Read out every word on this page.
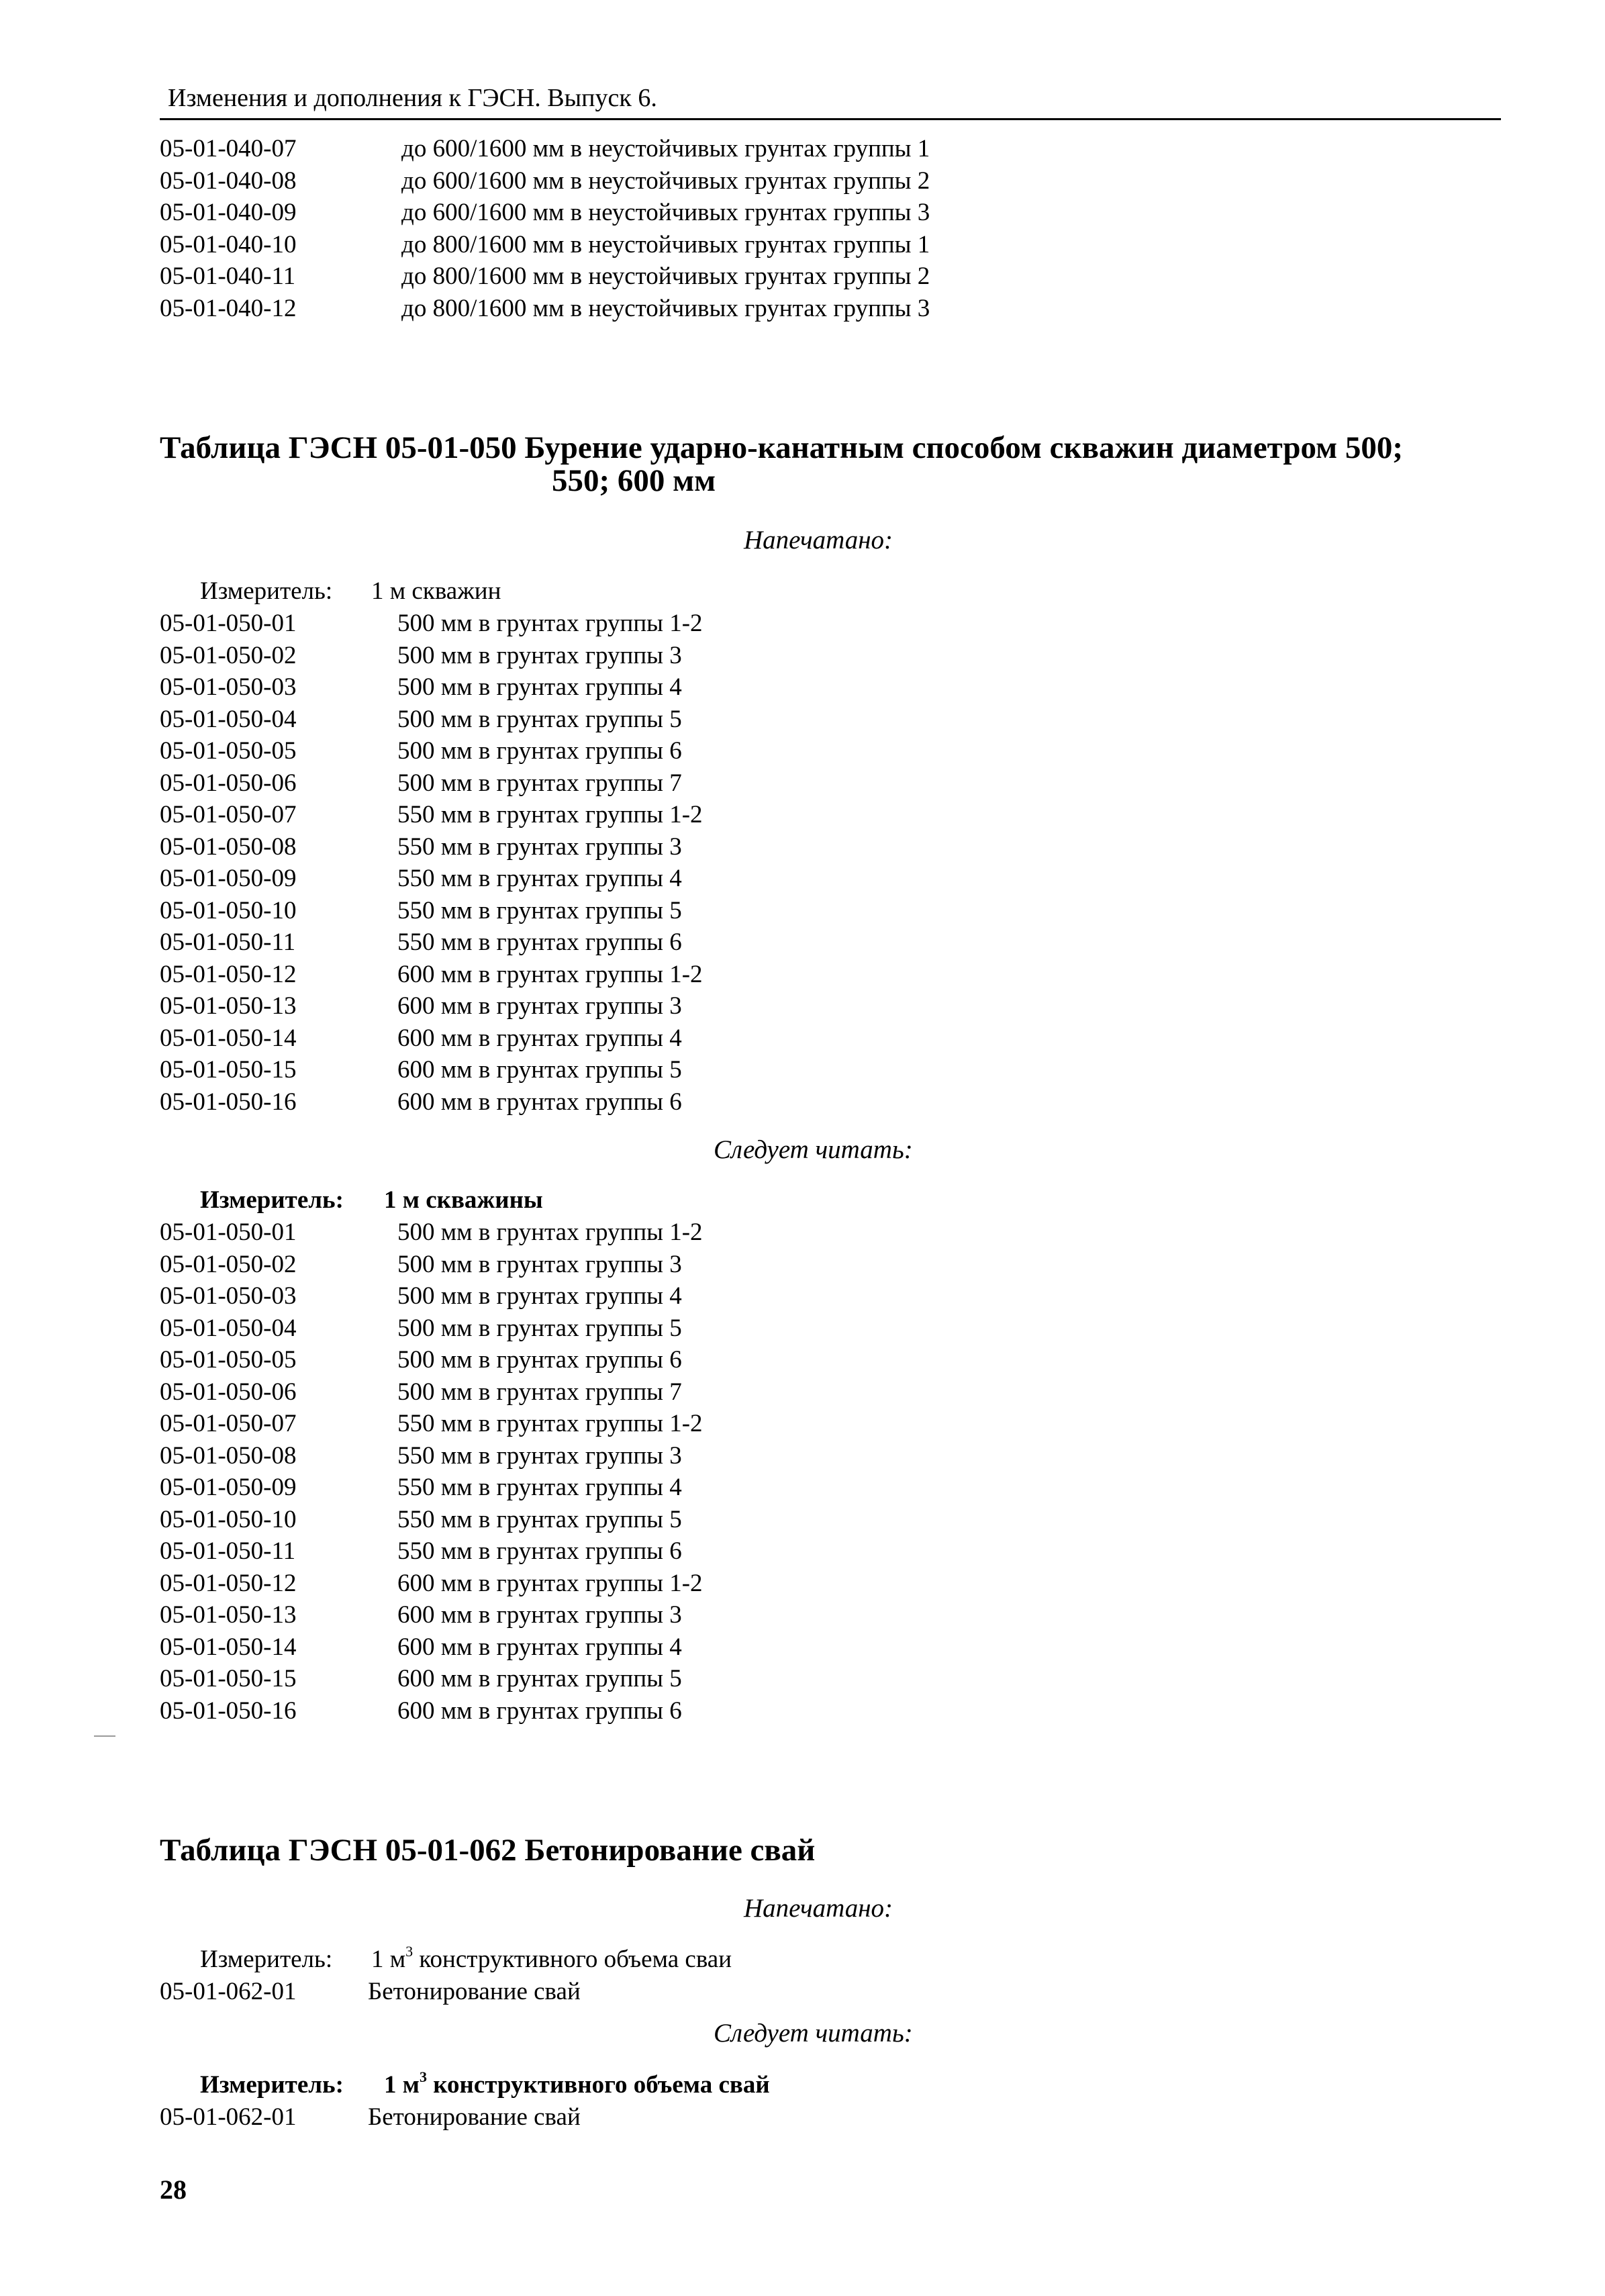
Изменения и дополнения к ГЭСН. Выпуск 6.
05-01-040-07	до 600/1600 мм в неустойчивых грунтах группы 1
05-01-040-08	до 600/1600 мм в неустойчивых грунтах группы 2
05-01-040-09	до 600/1600 мм в неустойчивых грунтах группы 3
05-01-040-10	до 800/1600 мм в неустойчивых грунтах группы 1
05-01-040-11	до 800/1600 мм в неустойчивых грунтах группы 2
05-01-040-12	до 800/1600 мм в неустойчивых грунтах группы 3
Таблица ГЭСН 05-01-050 Бурение ударно-канатным способом скважин диаметром 500;
550; 600 мм
Напечатано:
Измеритель: 1 м скважин
05-01-050-01	500 мм в грунтах группы 1-2
05-01-050-02	500 мм в грунтах группы 3
05-01-050-03	500 мм в грунтах группы 4
05-01-050-04	500 мм в грунтах группы 5
05-01-050-05	500 мм в грунтах группы 6
05-01-050-06	500 мм в грунтах группы 7
05-01-050-07	550 мм в грунтах группы 1-2
05-01-050-08	550 мм в грунтах группы 3
05-01-050-09	550 мм в грунтах группы 4
05-01-050-10	550 мм в грунтах группы 5
05-01-050-11	550 мм в грунтах группы 6
05-01-050-12	600 мм в грунтах группы 1-2
05-01-050-13	600 мм в грунтах группы 3
05-01-050-14	600 мм в грунтах группы 4
05-01-050-15	600 мм в грунтах группы 5
05-01-050-16	600 мм в грунтах группы 6
Следует читать:
Измеритель: 1 м скважины
05-01-050-01	500 мм в грунтах группы 1-2
05-01-050-02	500 мм в грунтах группы 3
05-01-050-03	500 мм в грунтах группы 4
05-01-050-04	500 мм в грунтах группы 5
05-01-050-05	500 мм в грунтах группы 6
05-01-050-06	500 мм в грунтах группы 7
05-01-050-07	550 мм в грунтах группы 1-2
05-01-050-08	550 мм в грунтах группы 3
05-01-050-09	550 мм в грунтах группы 4
05-01-050-10	550 мм в грунтах группы 5
05-01-050-11	550 мм в грунтах группы 6
05-01-050-12	600 мм в грунтах группы 1-2
05-01-050-13	600 мм в грунтах группы 3
05-01-050-14	600 мм в грунтах группы 4
05-01-050-15	600 мм в грунтах группы 5
05-01-050-16	600 мм в грунтах группы 6
Таблица ГЭСН 05-01-062 Бетонирование свай
Напечатано:
Измеритель: 1 $м^3$ конструктивного объема сваи
05-01-062-01	Бетонирование свай
Следует читать:
Измеритель: 1 $м^3$ конструктивного объема свай
05-01-062-01	Бетонирование свай
28
